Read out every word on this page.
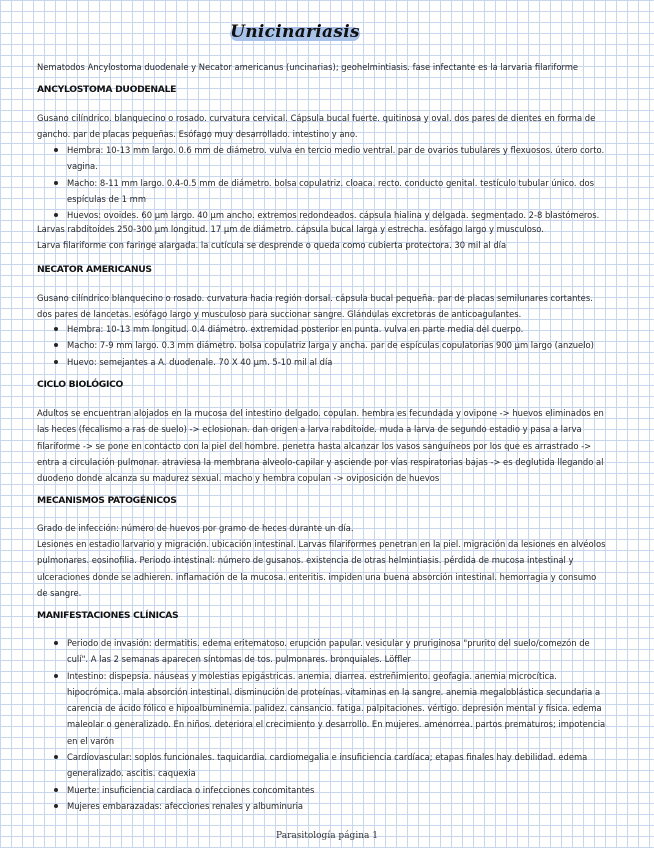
Unicinariasis

Nematodos Ancylostoma duodenale y Necator americanus (uncinarias); geohelmintiasis. fase infectante es la larvaria filariforme

ANCYLOSTOMA DUODENALE

Gusano cilíndrico. blanquecino o rosado. curvatura cervical. Cápsula bucal fuerte. quitinosa y oval. dos pares de dientes en forma de gancho. par de placas pequeñas. Esófago muy desarrollado. intestino y ano.

Hembra: 10-13 mm largo. 0.6 mm de diámetro. vulva en tercio medio ventral. par de ovarios tubulares y flexuosos. útero corto. vagina.
Macho: 8-11 mm largo. 0.4-0.5 mm de diámetro. bolsa copulatriz. cloaca. recto. conducto genital. testículo tubular único. dos espículas de 1 mm
Huevos: ovoides. 60 μm largo. 40 μm ancho. extremos redondeados. cápsula hialina y delgada. segmentado. 2-8 blastómeros.

Larvas rabditoides 250-300 μm longitud. 17 μm de diámetro. cápsula bucal larga y estrecha. esófago largo y musculoso.

Larva filariforme con faringe alargada. la cutícula se desprende o queda como cubierta protectora. 30 mil al día

NECATOR AMERICANUS

Gusano cilíndrico blanquecino o rosado. curvatura hacia región dorsal. cápsula bucal pequeña. par de placas semilunares cortantes. dos pares de lancetas. esófago largo y musculoso para succionar sangre. Glándulas excretoras de anticoagulantes.

Hembra: 10-13 mm longitud. 0.4 diámetro. extremidad posterior en punta. vulva en parte media del cuerpo.
Macho: 7-9 mm largo. 0.3 mm diámetro. bolsa copulatriz larga y ancha. par de espículas copulatorias 900 μm largo (anzuelo)
Huevo: semejantes a A. duodenale. 70 X 40 μm. 5-10 mil al día
CICLO BIOLÓGICO

Adultos se encuentran alojados en la mucosa del intestino delgado. copulan. hembra es fecundada y ovipone -> huevos eliminados en las heces (fecalismo a ras de suelo) -> eclosionan. dan origen a larva rabditoide. muda a larva de segundo estadio y pasa a larva filariforme -> se pone en contacto con la piel del hombre. penetra hasta alcanzar los vasos sanguíneos por los que es arrastrado -> entra a circulación pulmonar. atraviesa la membrana alveolo-capilar y asciende por vías respiratorias bajas -> es deglutida llegando al duodeno donde alcanza su madurez sexual. macho y hembra copulan -> oviposición de huevos

MECANISMOS PATOGÉNICOS

Grado de infección: número de huevos por gramo de heces durante un día.

Lesiones en estadio larvario y migración. ubicación intestinal. Larvas filariformes penetran en la piel. migración da lesiones en alvéolos pulmonares. eosinofilia. Periodo intestinal: número de gusanos. existencia de otras helmintiasis. pérdida de mucosa intestinal y ulceraciones donde se adhieren. inflamación de la mucosa. enteritis. impiden una buena absorción intestinal. hemorragia y consumo de sangre.

MANIFESTACIONES CLÍNICAS
Periodo de invasión: dermatitis. edema eritematoso. erupción papular. vesicular y pruriginosa "prurito del suelo/comezón de culí". A las 2 semanas aparecen síntomas de tos. pulmonares. bronquiales. Löffler
Intestino: dispepsia. náuseas y molestias epigástricas. anemia. diarrea. estreñimiento. geofagia. anemia microcítica. hipocrómica. mala absorción intestinal. disminución de proteínas. vitaminas en la sangre. anemia megaloblástica secundaria a carencia de ácido fólico e hipoalbuminemia. palidez. cansancio. fatiga. palpitaciones. vértigo. depresión mental y física. edema maleolar o generalizado. En niños. deteriora el crecimiento y desarrollo. En mujeres. amenorrea. partos prematuros; impotencia en el varón
Cardiovascular: soplos funcionales. taquicardia. cardiomegalia e insuficiencia cardíaca; etapas finales hay debilidad. edema generalizado. ascitis. caquexia
Muerte: insuficiencia cardiaca o infecciones concomitantes
Mujeres embarazadas: afecciones renales y albuminuria
Parasitología página 1
